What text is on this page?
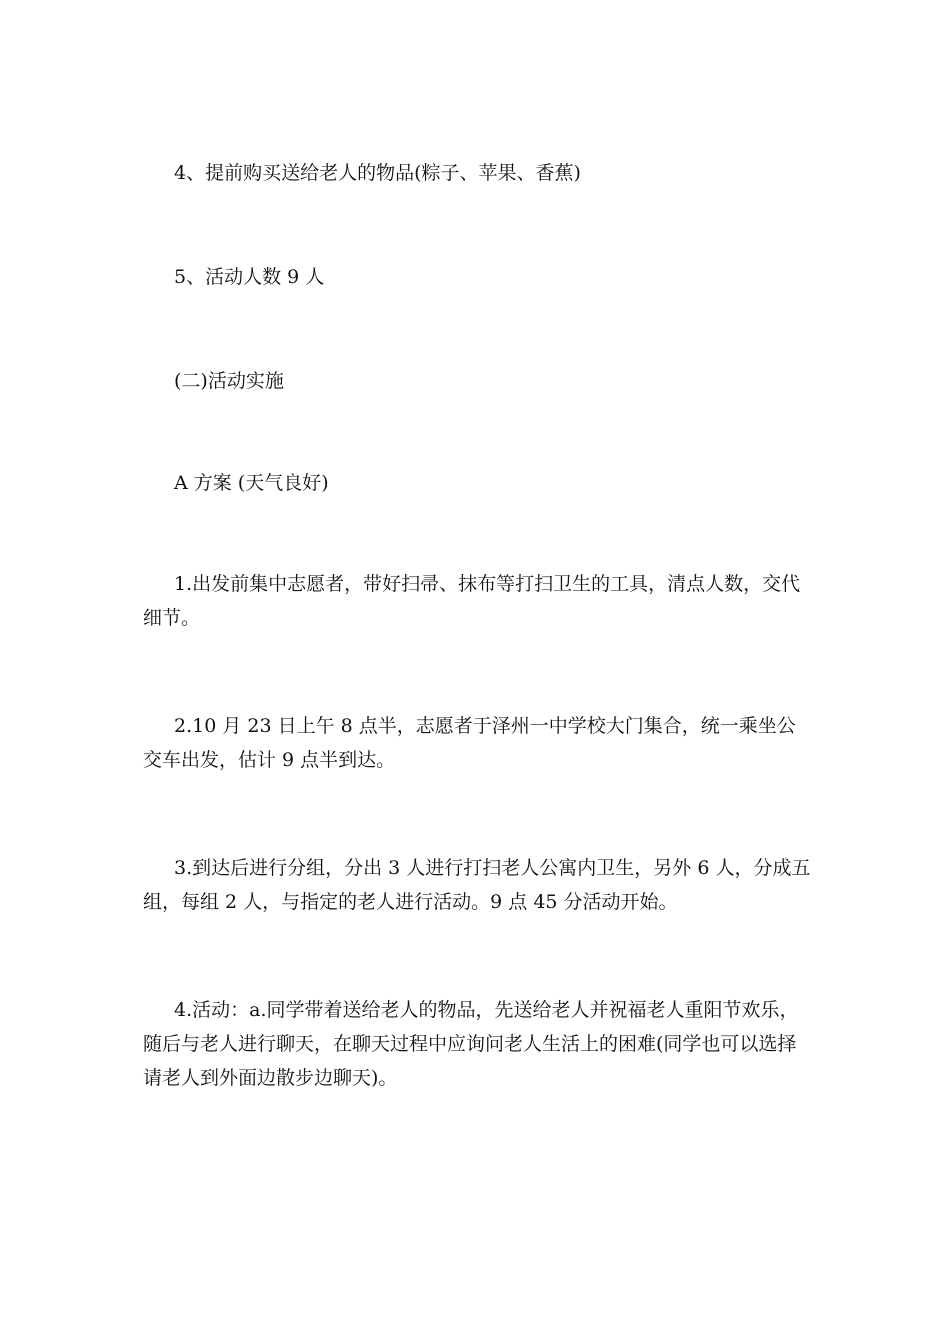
4、提前购买送给老人的物品(粽子、苹果、香蕉)

5、活动人数 9 人

(二)活动实施

A 方案 (天气良好)

1.出发前集中志愿者，带好扫帚、抹布等打扫卫生的工具，清点人数，交代细节。

2.10 月 23 日上午 8 点半，志愿者于泽州一中学校大门集合，统一乘坐公交车出发，估计 9 点半到达。

3.到达后进行分组，分出 3 人进行打扫老人公寓内卫生，另外 6 人，分成五组，每组 2 人，与指定的老人进行活动。9 点 45 分活动开始。

4.活动：a.同学带着送给老人的物品，先送给老人并祝福老人重阳节欢乐，随后与老人进行聊天，在聊天过程中应询问老人生活上的困难(同学也可以选择请老人到外面边散步边聊天)。
